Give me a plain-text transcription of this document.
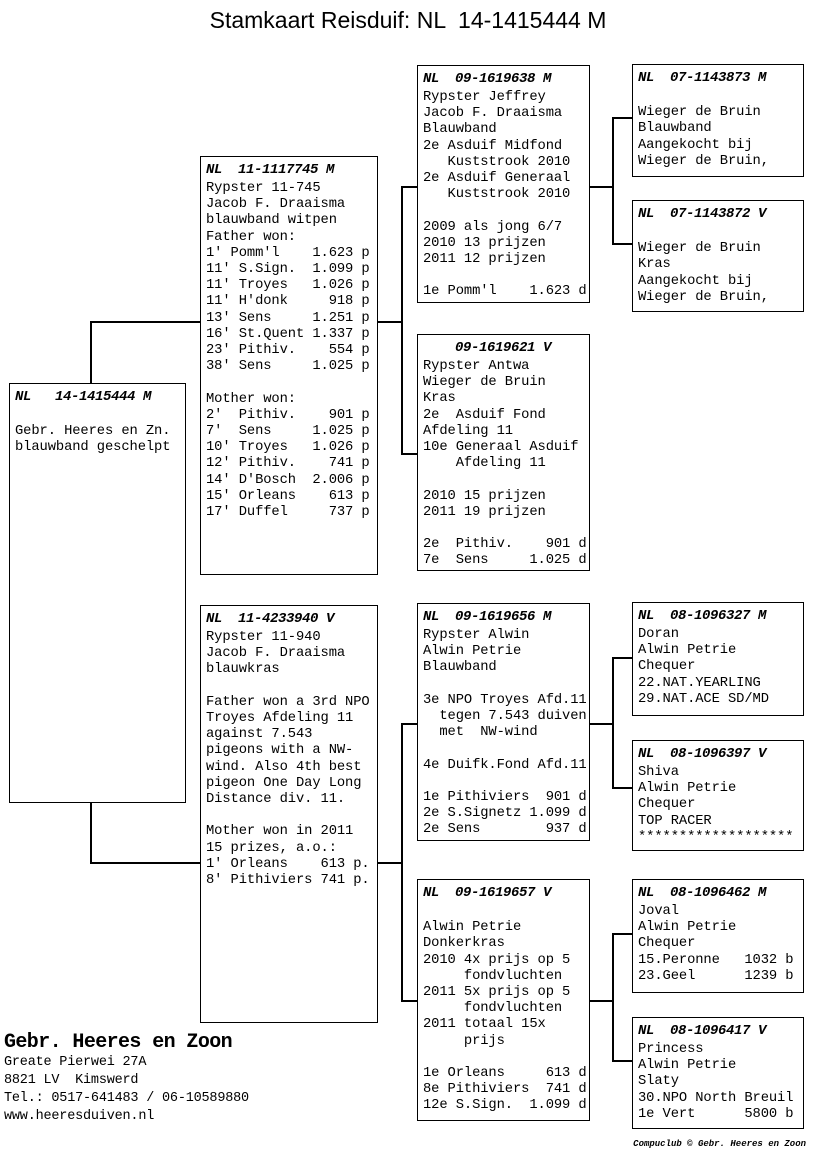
Stamkaart Reisduif: NL  14-1415444 M
NL   14-1415444 M

Gebr. Heeres en Zn.
blauwband geschelpt
NL  11-1117745 M
Rypster 11-745
Jacob F. Draaisma
blauwband witpen
Father won:
1' Pomm'l    1.623 p
11' S.Sign.  1.099 p
11' Troyes   1.026 p
11' H'donk     918 p
13' Sens     1.251 p
16' St.Quent 1.337 p
23' Pithiv.    554 p
38' Sens     1.025 p

Mother won:
2'  Pithiv.    901 p
7'  Sens     1.025 p
10' Troyes   1.026 p
12' Pithiv.    741 p
14' D'Bosch  2.006 p
15' Orleans    613 p
17' Duffel     737 p
NL  11-4233940 V
Rypster 11-940
Jacob F. Draaisma
blauwkras

Father won a 3rd NPO
Troyes Afdeling 11
against 7.543
pigeons with a NW-
wind. Also 4th best
pigeon One Day Long
Distance div. 11.

Mother won in 2011
15 prizes, a.o.:
1' Orleans    613 p.
8' Pithiviers 741 p.
NL  09-1619638 M
Rypster Jeffrey
Jacob F. Draaisma
Blauwband
2e Asduif Midfond
Kuststrook 2010
2e Asduif Generaal
Kuststrook 2010

2009 als jong 6/7
2010 13 prijzen
2011 12 prijzen

1e Pomm'l    1.623 d
09-1619621 V
Rypster Antwa
Wieger de Bruin
Kras
2e  Asduif Fond
Afdeling 11
10e Generaal Asduif
Afdeling 11

2010 15 prijzen
2011 19 prijzen

2e  Pithiv.    901 d
7e  Sens     1.025 d
NL  09-1619656 M
Rypster Alwin
Alwin Petrie
Blauwband

3e NPO Troyes Afd.11
tegen 7.543 duiven
met  NW-wind

4e Duifk.Fond Afd.11

1e Pithiviers  901 d
2e S.Signetz 1.099 d
2e Sens        937 d
NL  09-1619657 V

Alwin Petrie
Donkerkras
2010 4x prijs op 5
fondvluchten
2011 5x prijs op 5
fondvluchten
2011 totaal 15x
prijs

1e Orleans     613 d
8e Pithiviers  741 d
12e S.Sign.  1.099 d
NL  07-1143873 M

Wieger de Bruin
Blauwband
Aangekocht bij
Wieger de Bruin,
NL  07-1143872 V

Wieger de Bruin
Kras
Aangekocht bij
Wieger de Bruin,
NL  08-1096327 M
Doran
Alwin Petrie
Chequer
22.NAT.YEARLING
29.NAT.ACE SD/MD
NL  08-1096397 V
Shiva
Alwin Petrie
Chequer
TOP RACER
*******************
NL  08-1096462 M
Joval
Alwin Petrie
Chequer
15.Peronne   1032 b
23.Geel      1239 b
NL  08-1096417 V
Princess
Alwin Petrie
Slaty
30.NPO North Breuil
1e Vert      5800 b
Gebr. Heeres en Zoon
Greate Pierwei 27A
8821 LV  Kimswerd
Tel.: 0517-641483 / 06-10589880
www.heeresduiven.nl
Compuclub © Gebr. Heeres en Zoon
